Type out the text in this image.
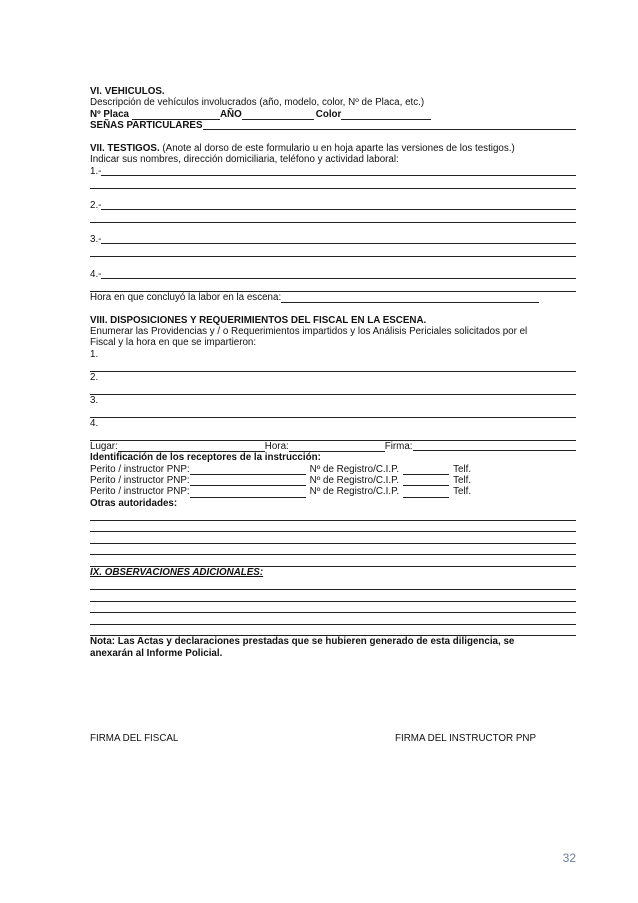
VI. VEHÍCULOS.
Descripción de vehículos involucrados (año, modelo, color, Nº de Placa, etc.)
Nº Placa	AÑO	Color
SEÑAS PARTICULARES
VII. TESTIGOS. (Anote al dorso de este formulario u en hoja aparte las versiones de los testigos.)
Indicar sus nombres, dirección domiciliaria, teléfono y actividad laboral:
1.-
2.-
3.-
4.-
Hora en que concluyó la labor en la escena:
VIII. DISPOSICIONES Y REQUERIMIENTOS DEL FISCAL EN LA ESCENA.
Enumerar las Providencias y / o Requerimientos impartidos y los Análisis Periciales solicitados por el
Fiscal y la hora en que se impartieron:
1.
2.
3.
4.
Lugar:	Hora:	Firma:
Identificación de los receptores de la instrucción:
Perito / instructor PNP:	Nº de Registro/C.I.P.	Telf.
Perito / instructor PNP:	Nº de Registro/C.I.P.	Telf.
Perito / instructor PNP:	Nº de Registro/C.I.P.	Telf.
Otras autoridades:
IX. OBSERVACIONES ADICIONALES:
Nota: Las Actas y declaraciones prestadas que se hubieren generado de esta diligencia, se
anexarán al Informe Policial.
FIRMA DEL FISCAL	FIRMA DEL INSTRUCTOR PNP
32
